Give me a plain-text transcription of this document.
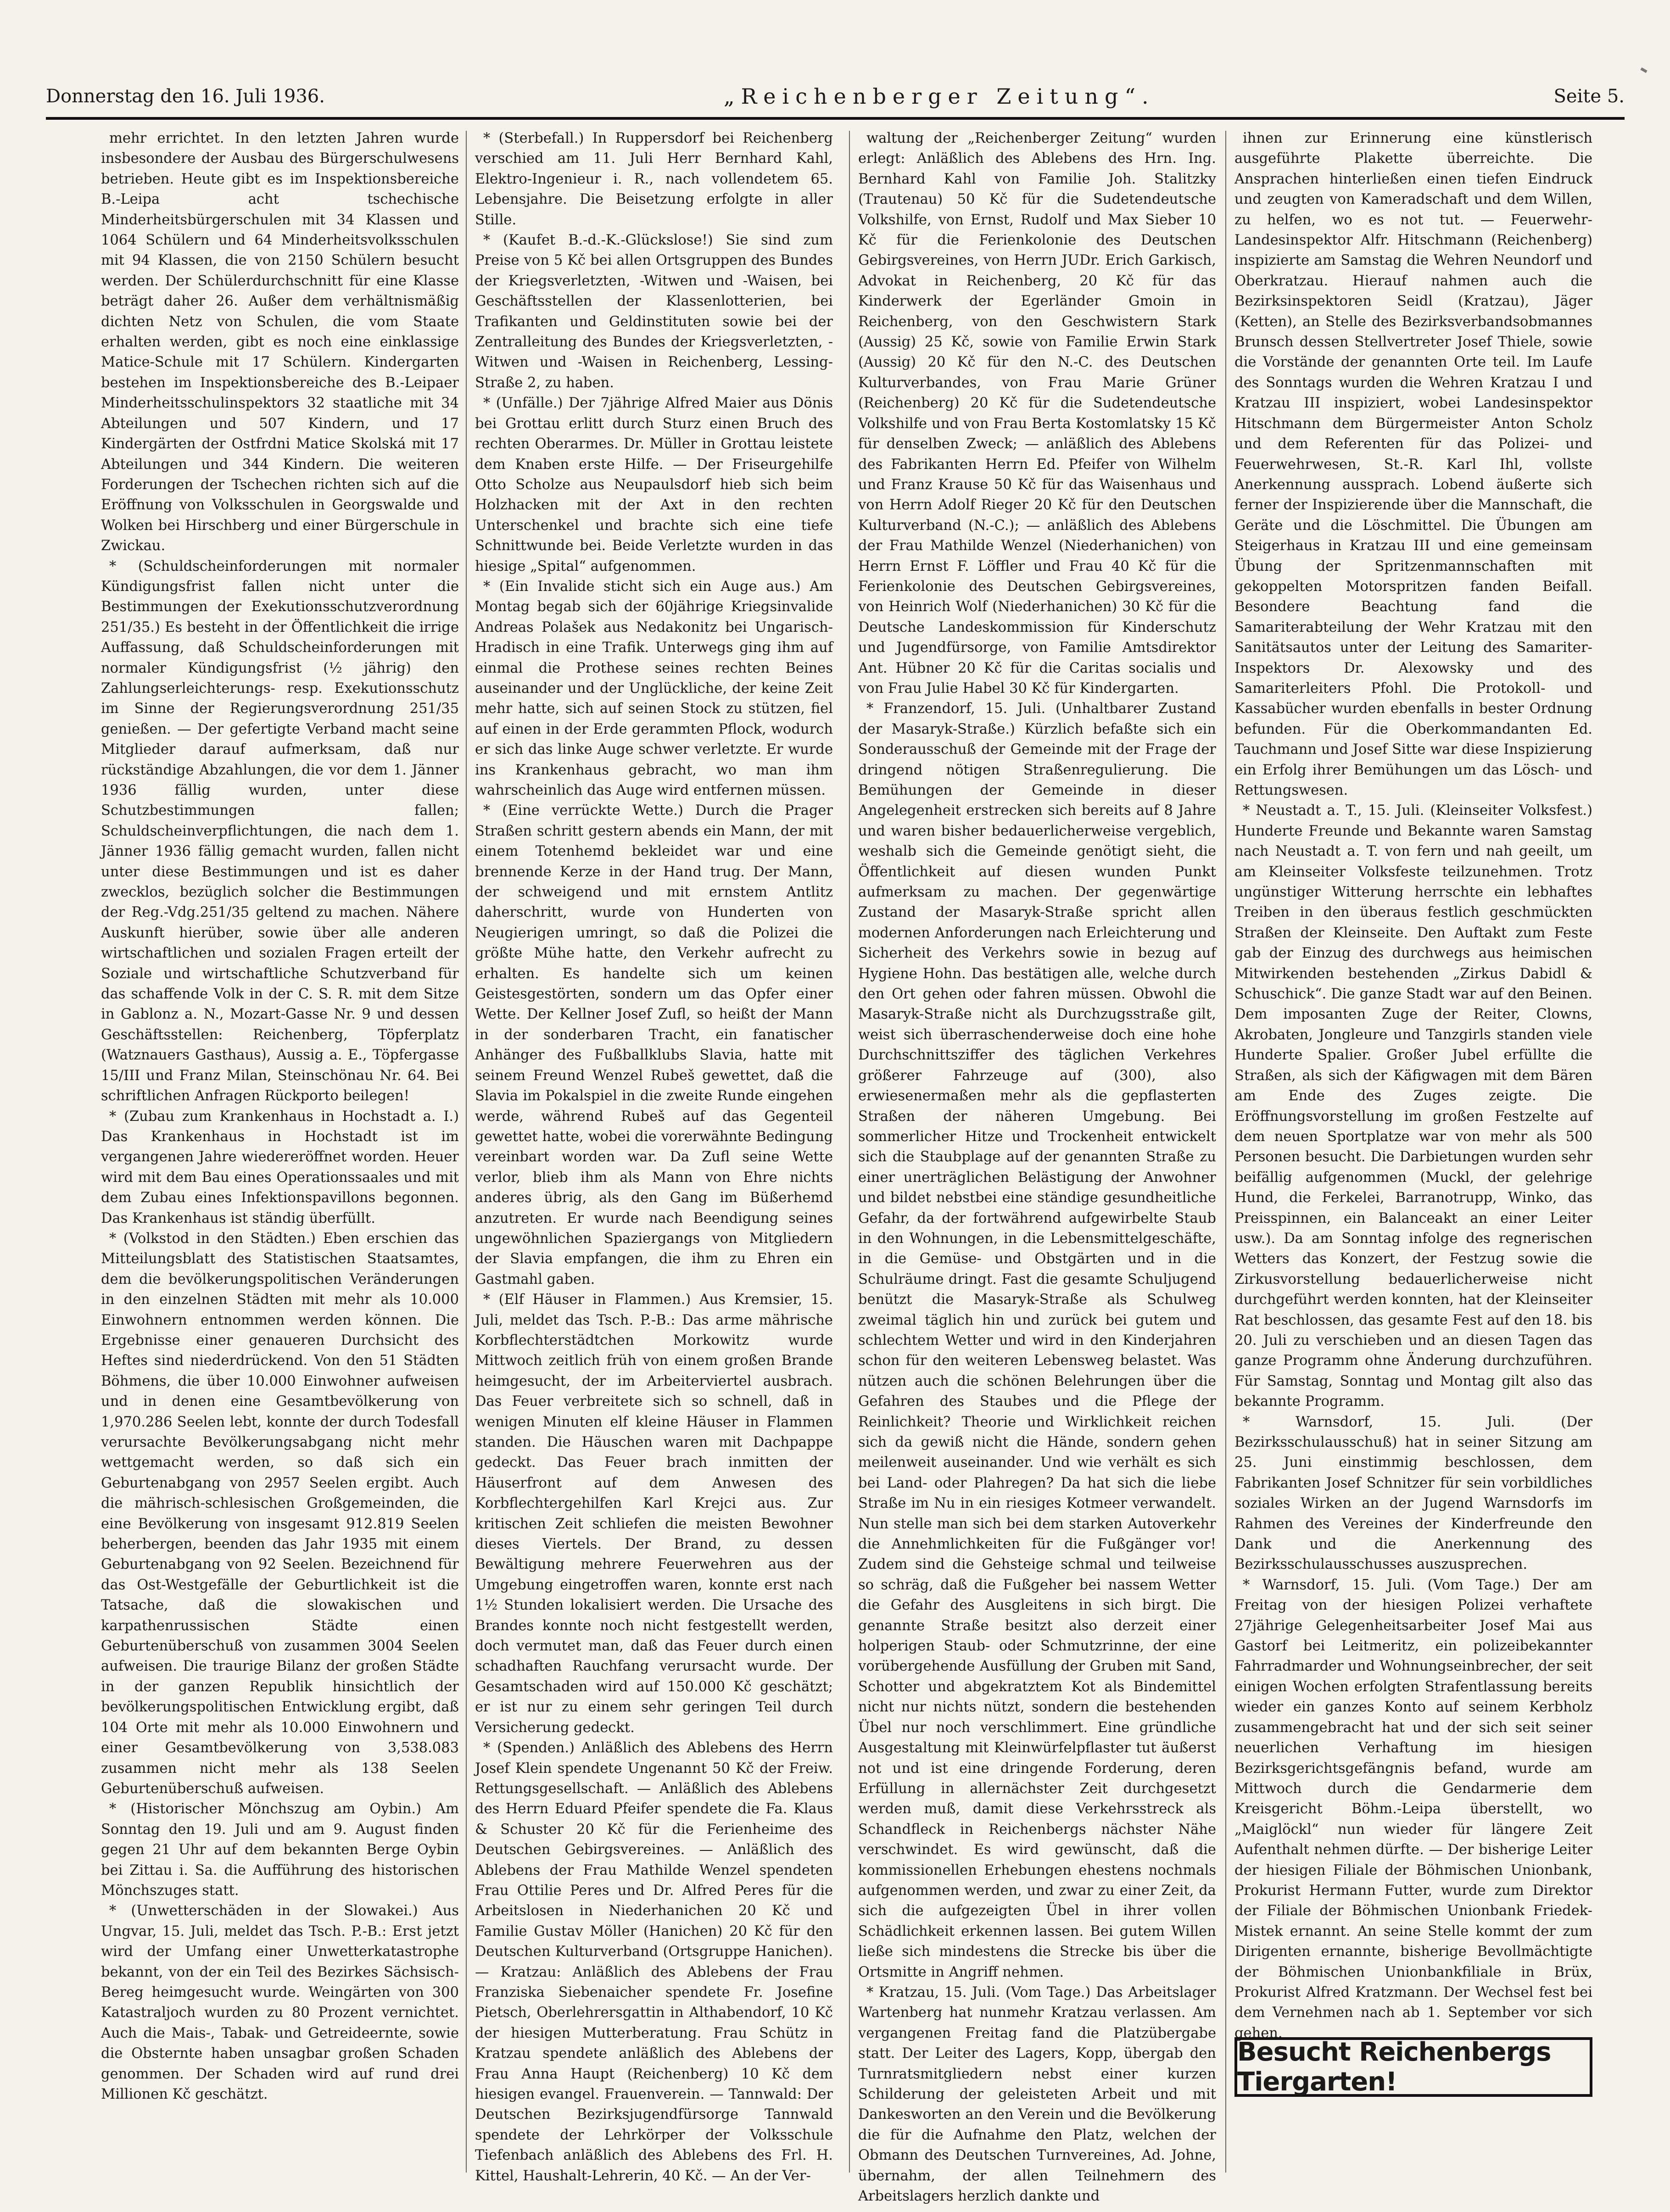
Donnerstag den 16. Juli 1936.	„Reichenberger Zeitung“.	Seite 5.

mehr errichtet. In den letzten Jahren wurde insbesondere der Ausbau des Bürgerschulwesens betrieben. Heute gibt es im Inspektionsbereiche B.-Leipa acht tschechische Minderheitsbürgerschulen mit 34 Klassen und 1064 Schülern und 64 Minderheitsvolksschulen mit 94 Klassen, die von 2150 Schülern besucht werden. Der Schülerdurchschnitt für eine Klasse beträgt daher 26. Außer dem verhältnismäßig dichten Netz von Schulen, die vom Staate erhalten werden, gibt es noch eine einklassige Matice-Schule mit 17 Schülern. Kindergarten bestehen im Inspektionsbereiche des B.-Leipaer Minderheitsschulinspektors 32 staatliche mit 34 Abteilungen und 507 Kindern, und 17 Kindergärten der Ostfrdni Matice Skolská mit 17 Abteilungen und 344 Kindern. Die weiteren Forderungen der Tschechen richten sich auf die Eröffnung von Volksschulen in Georgswalde und Wolken bei Hirschberg und einer Bürgerschule in Zwickau.

* (Schuldscheinforderungen mit normaler Kündigungsfrist fallen nicht unter die Bestimmungen der Exekutionsschutzverordnung 251/35.) Es besteht in der Öffentlichkeit die irrige Auffassung, daß Schuldscheinforderungen mit normaler Kündigungsfrist (½ jährig) den Zahlungserleichterungs- resp. Exekutionsschutz im Sinne der Regierungsverordnung 251/35 genießen. — Der gefertigte Verband macht seine Mitglieder darauf aufmerksam, daß nur rückständige Abzahlungen, die vor dem 1. Jänner 1936 fällig wurden, unter diese Schutzbestimmungen fallen; Schuldscheinverpflichtungen, die nach dem 1. Jänner 1936 fällig gemacht wurden, fallen nicht unter diese Bestimmungen und ist es daher zwecklos, bezüglich solcher die Bestimmungen der Reg.-Vdg.251/35 geltend zu machen. Nähere Auskunft hierüber, sowie über alle anderen wirtschaftlichen und sozialen Fragen erteilt der Soziale und wirtschaftliche Schutzverband für das schaffende Volk in der C. S. R. mit dem Sitze in Gablonz a. N., Mozart-Gasse Nr. 9 und dessen Geschäftsstellen: Reichenberg, Töpferplatz (Watznauers Gasthaus), Aussig a. E., Töpfergasse 15/III und Franz Milan, Steinschönau Nr. 64. Bei schriftlichen Anfragen Rückporto beilegen!

* (Zubau zum Krankenhaus in Hochstadt a. I.) Das Krankenhaus in Hochstadt ist im vergangenen Jahre wiedereröffnet worden. Heuer wird mit dem Bau eines Operationssaales und mit dem Zubau eines Infektionspavillons begonnen. Das Krankenhaus ist ständig überfüllt.

* (Volkstod in den Städten.) Eben erschien das Mitteilungsblatt des Statistischen Staatsamtes, dem die bevölkerungspolitischen Veränderungen in den einzelnen Städten mit mehr als 10.000 Einwohnern entnommen werden können. Die Ergebnisse einer genaueren Durchsicht des Heftes sind niederdrückend. Von den 51 Städten Böhmens, die über 10.000 Einwohner aufweisen und in denen eine Gesamtbevölkerung von 1,970.286 Seelen lebt, konnte der durch Todesfall verursachte Bevölkerungsabgang nicht mehr wettgemacht werden, so daß sich ein Geburtenabgang von 2957 Seelen ergibt. Auch die mährisch-schlesischen Großgemeinden, die eine Bevölkerung von insgesamt 912.819 Seelen beherbergen, beenden das Jahr 1935 mit einem Geburtenabgang von 92 Seelen. Bezeichnend für das Ost-Westgefälle der Geburtlichkeit ist die Tatsache, daß die slowakischen und karpathenrussischen Städte einen Geburtenüberschuß von zusammen 3004 Seelen aufweisen. Die traurige Bilanz der großen Städte in der ganzen Republik hinsichtlich der bevölkerungspolitischen Entwicklung ergibt, daß 104 Orte mit mehr als 10.000 Einwohnern und einer Gesamtbevölkerung von 3,538.083 zusammen nicht mehr als 138 Seelen Geburtenüberschuß aufweisen.

* (Historischer Mönchszug am Oybin.) Am Sonntag den 19. Juli und am 9. August finden gegen 21 Uhr auf dem bekannten Berge Oybin bei Zittau i. Sa. die Aufführung des historischen Mönchszuges statt.

* (Unwetterschäden in der Slowakei.) Aus Ungvar, 15. Juli, meldet das Tsch. P.-B.: Erst jetzt wird der Umfang einer Unwetterkatastrophe bekannt, von der ein Teil des Bezirkes Sächsisch-Bereg heimgesucht wurde. Weingärten von 300 Katastraljoch wurden zu 80 Prozent vernichtet. Auch die Mais-, Tabak- und Getreideernte, sowie die Obsternte haben unsagbar großen Schaden genommen. Der Schaden wird auf rund drei Millionen Kč geschätzt.

* (Sterbefall.) In Ruppersdorf bei Reichenberg verschied am 11. Juli Herr Bernhard Kahl, Elektro-Ingenieur i. R., nach vollendetem 65. Lebensjahre. Die Beisetzung erfolgte in aller Stille.

* (Kaufet B.-d.-K.-Glückslose!) Sie sind zum Preise von 5 Kč bei allen Ortsgruppen des Bundes der Kriegsverletzten, -Witwen und -Waisen, bei Geschäftsstellen der Klassenlotterien, bei Trafikanten und Geldinstituten sowie bei der Zentralleitung des Bundes der Kriegsverletzten, -Witwen und -Waisen in Reichenberg, Lessing-Straße 2, zu haben.

* (Unfälle.) Der 7jährige Alfred Maier aus Dönis bei Grottau erlitt durch Sturz einen Bruch des rechten Oberarmes. Dr. Müller in Grottau leistete dem Knaben erste Hilfe. — Der Friseurgehilfe Otto Scholze aus Neupaulsdorf hieb sich beim Holzhacken mit der Axt in den rechten Unterschenkel und brachte sich eine tiefe Schnittwunde bei. Beide Verletzte wurden in das hiesige „Spital“ aufgenommen.

* (Ein Invalide sticht sich ein Auge aus.) Am Montag begab sich der 60jährige Kriegsinvalide Andreas Polašek aus Nedakonitz bei Ungarisch-Hradisch in eine Trafik. Unterwegs ging ihm auf einmal die Prothese seines rechten Beines auseinander und der Unglückliche, der keine Zeit mehr hatte, sich auf seinen Stock zu stützen, fiel auf einen in der Erde gerammten Pflock, wodurch er sich das linke Auge schwer verletzte. Er wurde ins Krankenhaus gebracht, wo man ihm wahrscheinlich das Auge wird entfernen müssen.

* (Eine verrückte Wette.) Durch die Prager Straßen schritt gestern abends ein Mann, der mit einem Totenhemd bekleidet war und eine brennende Kerze in der Hand trug. Der Mann, der schweigend und mit ernstem Antlitz daherschritt, wurde von Hunderten von Neugierigen umringt, so daß die Polizei die größte Mühe hatte, den Verkehr aufrecht zu erhalten. Es handelte sich um keinen Geistesgestörten, sondern um das Opfer einer Wette. Der Kellner Josef Zufl, so heißt der Mann in der sonderbaren Tracht, ein fanatischer Anhänger des Fußballklubs Slavia, hatte mit seinem Freund Wenzel Rubeš gewettet, daß die Slavia im Pokalspiel in die zweite Runde eingehen werde, während Rubeš auf das Gegenteil gewettet hatte, wobei die vorerwähnte Bedingung vereinbart worden war. Da Zufl seine Wette verlor, blieb ihm als Mann von Ehre nichts anderes übrig, als den Gang im Büßerhemd anzutreten. Er wurde nach Beendigung seines ungewöhnlichen Spaziergangs von Mitgliedern der Slavia empfangen, die ihm zu Ehren ein Gastmahl gaben.

* (Elf Häuser in Flammen.) Aus Kremsier, 15. Juli, meldet das Tsch. P.-B.: Das arme mährische Korbflechterstädtchen Morkowitz wurde Mittwoch zeitlich früh von einem großen Brande heimgesucht, der im Arbeiterviertel ausbrach. Das Feuer verbreitete sich so schnell, daß in wenigen Minuten elf kleine Häuser in Flammen standen. Die Häuschen waren mit Dachpappe gedeckt. Das Feuer brach inmitten der Häuserfront auf dem Anwesen des Korbflechtergehilfen Karl Krejci aus. Zur kritischen Zeit schliefen die meisten Bewohner dieses Viertels. Der Brand, zu dessen Bewältigung mehrere Feuerwehren aus der Umgebung eingetroffen waren, konnte erst nach 1½ Stunden lokalisiert werden. Die Ursache des Brandes konnte noch nicht festgestellt werden, doch vermutet man, daß das Feuer durch einen schadhaften Rauchfang verursacht wurde. Der Gesamtschaden wird auf 150.000 Kč geschätzt; er ist nur zu einem sehr geringen Teil durch Versicherung gedeckt.

* (Spenden.) Anläßlich des Ablebens des Herrn Josef Klein spendete Ungenannt 50 Kč der Freiw. Rettungsgesellschaft. — Anläßlich des Ablebens des Herrn Eduard Pfeifer spendete die Fa. Klaus & Schuster 20 Kč für die Ferienheime des Deutschen Gebirgsvereines. — Anläßlich des Ablebens der Frau Mathilde Wenzel spendeten Frau Ottilie Peres und Dr. Alfred Peres für die Arbeitslosen in Niederhanichen 20 Kč und Familie Gustav Möller (Hanichen) 20 Kč für den Deutschen Kulturverband (Ortsgruppe Hanichen). — Kratzau: Anläßlich des Ablebens der Frau Franziska Siebenaicher spendete Fr. Josefine Pietsch, Oberlehrersgattin in Althabendorf, 10 Kč der hiesigen Mutterberatung. Frau Schütz in Kratzau spendete anläßlich des Ablebens der Frau Anna Haupt (Reichenberg) 10 Kč dem hiesigen evangel. Frauenverein. — Tannwald: Der Deutschen Bezirksjugendfürsorge Tannwald spendete der Lehrkörper der Volksschule Tiefenbach anläßlich des Ablebens des Frl. H. Kittel, Haushalt-Lehrerin, 40 Kč. — An der Ver-

waltung der „Reichenberger Zeitung“ wurden erlegt: Anläßlich des Ablebens des Hrn. Ing. Bernhard Kahl von Familie Joh. Stalitzky (Trautenau) 50 Kč für die Sudetendeutsche Volkshilfe, von Ernst, Rudolf und Max Sieber 10 Kč für die Ferienkolonie des Deutschen Gebirgsvereines, von Herrn JUDr. Erich Garkisch, Advokat in Reichenberg, 20 Kč für das Kinderwerk der Egerländer Gmoin in Reichenberg, von den Geschwistern Stark (Aussig) 25 Kč, sowie von Familie Erwin Stark (Aussig) 20 Kč für den N.-C. des Deutschen Kulturverbandes, von Frau Marie Grüner (Reichenberg) 20 Kč für die Sudetendeutsche Volkshilfe und von Frau Berta Kostomlatsky 15 Kč für denselben Zweck; — anläßlich des Ablebens des Fabrikanten Herrn Ed. Pfeifer von Wilhelm und Franz Krause 50 Kč für das Waisenhaus und von Herrn Adolf Rieger 20 Kč für den Deutschen Kulturverband (N.-C.); — anläßlich des Ablebens der Frau Mathilde Wenzel (Niederhanichen) von Herrn Ernst F. Löffler und Frau 40 Kč für die Ferienkolonie des Deutschen Gebirgsvereines, von Heinrich Wolf (Niederhanichen) 30 Kč für die Deutsche Landeskommission für Kinderschutz und Jugendfürsorge, von Familie Amtsdirektor Ant. Hübner 20 Kč für die Caritas socialis und von Frau Julie Habel 30 Kč für Kindergarten.

* Franzendorf, 15. Juli. (Unhaltbarer Zustand der Masaryk-Straße.) Kürzlich befaßte sich ein Sonderausschuß der Gemeinde mit der Frage der dringend nötigen Straßenregulierung. Die Bemühungen der Gemeinde in dieser Angelegenheit erstrecken sich bereits auf 8 Jahre und waren bisher bedauerlicherweise vergeblich, weshalb sich die Gemeinde genötigt sieht, die Öffentlichkeit auf diesen wunden Punkt aufmerksam zu machen. Der gegenwärtige Zustand der Masaryk-Straße spricht allen modernen Anforderungen nach Erleichterung und Sicherheit des Verkehrs sowie in bezug auf Hygiene Hohn. Das bestätigen alle, welche durch den Ort gehen oder fahren müssen. Obwohl die Masaryk-Straße nicht als Durchzugsstraße gilt, weist sich überraschenderweise doch eine hohe Durchschnittsziffer des täglichen Verkehres größerer Fahrzeuge auf (300), also erwiesenermaßen mehr als die gepflasterten Straßen der näheren Umgebung. Bei sommerlicher Hitze und Trockenheit entwickelt sich die Staubplage auf der genannten Straße zu einer unerträglichen Belästigung der Anwohner und bildet nebstbei eine ständige gesundheitliche Gefahr, da der fortwährend aufgewirbelte Staub in den Wohnungen, in die Lebensmittelgeschäfte, in die Gemüse- und Obstgärten und in die Schulräume dringt. Fast die gesamte Schuljugend benützt die Masaryk-Straße als Schulweg zweimal täglich hin und zurück bei gutem und schlechtem Wetter und wird in den Kinderjahren schon für den weiteren Lebensweg belastet. Was nützen auch die schönen Belehrungen über die Gefahren des Staubes und die Pflege der Reinlichkeit? Theorie und Wirklichkeit reichen sich da gewiß nicht die Hände, sondern gehen meilenweit auseinander. Und wie verhält es sich bei Land- oder Plahregen? Da hat sich die liebe Straße im Nu in ein riesiges Kotmeer verwandelt. Nun stelle man sich bei dem starken Autoverkehr die Annehmlichkeiten für die Fußgänger vor! Zudem sind die Gehsteige schmal und teilweise so schräg, daß die Fußgeher bei nassem Wetter die Gefahr des Ausgleitens in sich birgt. Die genannte Straße besitzt also derzeit einer holperigen Staub- oder Schmutzrinne, der eine vorübergehende Ausfüllung der Gruben mit Sand, Schotter und abgekratztem Kot als Bindemittel nicht nur nichts nützt, sondern die bestehenden Übel nur noch verschlimmert. Eine gründliche Ausgestaltung mit Kleinwürfelpflaster tut äußerst not und ist eine dringende Forderung, deren Erfüllung in allernächster Zeit durchgesetzt werden muß, damit diese Verkehrsstreck als Schandfleck in Reichenbergs nächster Nähe verschwindet. Es wird gewünscht, daß die kommissionellen Erhebungen ehestens nochmals aufgenommen werden, und zwar zu einer Zeit, da sich die aufgezeigten Übel in ihrer vollen Schädlichkeit erkennen lassen. Bei gutem Willen ließe sich mindestens die Strecke bis über die Ortsmitte in Angriff nehmen.

* Kratzau, 15. Juli. (Vom Tage.) Das Arbeitslager Wartenberg hat nunmehr Kratzau verlassen. Am vergangenen Freitag fand die Platzübergabe statt. Der Leiter des Lagers, Kopp, übergab den Turnratsmitgliedern nebst einer kurzen Schilderung der geleisteten Arbeit und mit Dankesworten an den Verein und die Bevölkerung die für die Aufnahme den Platz, welchen der Obmann des Deutschen Turnvereines, Ad. Johne, übernahm, der allen Teilnehmern des Arbeitslagers herzlich dankte und

ihnen zur Erinnerung eine künstlerisch ausgeführte Plakette überreichte. Die Ansprachen hinterließen einen tiefen Eindruck und zeugten von Kameradschaft und dem Willen, zu helfen, wo es not tut. — Feuerwehr-Landesinspektor Alfr. Hitschmann (Reichenberg) inspizierte am Samstag die Wehren Neundorf und Oberkratzau. Hierauf nahmen auch die Bezirksinspektoren Seidl (Kratzau), Jäger (Ketten), an Stelle des Bezirksverbandsobmannes Brunsch dessen Stellvertreter Josef Thiele, sowie die Vorstände der genannten Orte teil. Im Laufe des Sonntags wurden die Wehren Kratzau I und Kratzau III inspiziert, wobei Landesinspektor Hitschmann dem Bürgermeister Anton Scholz und dem Referenten für das Polizei- und Feuerwehrwesen, St.-R. Karl Ihl, vollste Anerkennung aussprach. Lobend äußerte sich ferner der Inspizierende über die Mannschaft, die Geräte und die Löschmittel. Die Übungen am Steigerhaus in Kratzau III und eine gemeinsam Übung der Spritzenmannschaften mit gekoppelten Motorspritzen fanden Beifall. Besondere Beachtung fand die Samariterabteilung der Wehr Kratzau mit den Sanitätsautos unter der Leitung des Samariter-Inspektors Dr. Alexowsky und des Samariterleiters Pfohl. Die Protokoll- und Kassabücher wurden ebenfalls in bester Ordnung befunden. Für die Oberkommandanten Ed. Tauchmann und Josef Sitte war diese Inspizierung ein Erfolg ihrer Bemühungen um das Lösch- und Rettungswesen.

* Neustadt a. T., 15. Juli. (Kleinseiter Volksfest.) Hunderte Freunde und Bekannte waren Samstag nach Neustadt a. T. von fern und nah geeilt, um am Kleinseiter Volksfeste teilzunehmen. Trotz ungünstiger Witterung herrschte ein lebhaftes Treiben in den überaus festlich geschmückten Straßen der Kleinseite. Den Auftakt zum Feste gab der Einzug des durchwegs aus heimischen Mitwirkenden bestehenden „Zirkus Dabidl & Schuschick“. Die ganze Stadt war auf den Beinen. Dem imposanten Zuge der Reiter, Clowns, Akrobaten, Jongleure und Tanzgirls standen viele Hunderte Spalier. Großer Jubel erfüllte die Straßen, als sich der Käfigwagen mit dem Bären am Ende des Zuges zeigte. Die Eröffnungsvorstellung im großen Festzelte auf dem neuen Sportplatze war von mehr als 500 Personen besucht. Die Darbietungen wurden sehr beifällig aufgenommen (Muckl, der gelehrige Hund, die Ferkelei, Barranotrupp, Winko, das Preisspinnen, ein Balanceakt an einer Leiter usw.). Da am Sonntag infolge des regnerischen Wetters das Konzert, der Festzug sowie die Zirkusvorstellung bedauerlicherweise nicht durchgeführt werden konnten, hat der Kleinseiter Rat beschlossen, das gesamte Fest auf den 18. bis 20. Juli zu verschieben und an diesen Tagen das ganze Programm ohne Änderung durchzuführen. Für Samstag, Sonntag und Montag gilt also das bekannte Programm.

* Warnsdorf, 15. Juli. (Der Bezirksschulausschuß) hat in seiner Sitzung am 25. Juni einstimmig beschlossen, dem Fabrikanten Josef Schnitzer für sein vorbildliches soziales Wirken an der Jugend Warnsdorfs im Rahmen des Vereines der Kinderfreunde den Dank und die Anerkennung des Bezirksschulausschusses auszusprechen.

* Warnsdorf, 15. Juli. (Vom Tage.) Der am Freitag von der hiesigen Polizei verhaftete 27jährige Gelegenheitsarbeiter Josef Mai aus Gastorf bei Leitmeritz, ein polizeibekannter Fahrradmarder und Wohnungseinbrecher, der seit einigen Wochen erfolgten Strafentlassung bereits wieder ein ganzes Konto auf seinem Kerbholz zusammengebracht hat und der sich seit seiner neuerlichen Verhaftung im hiesigen Bezirksgerichtsgefängnis befand, wurde am Mittwoch durch die Gendarmerie dem Kreisgericht Böhm.-Leipa überstellt, wo „Maiglöckl“ nun wieder für längere Zeit Aufenthalt nehmen dürfte. — Der bisherige Leiter der hiesigen Filiale der Böhmischen Unionbank, Prokurist Hermann Futter, wurde zum Direktor der Filiale der Böhmischen Unionbank Friedek-Mistek ernannt. An seine Stelle kommt der zum Dirigenten ernannte, bisherige Bevollmächtigte der Böhmischen Unionbankfiliale in Brüx, Prokurist Alfred Kratzmann. Der Wechsel fest bei dem Vernehmen nach ab 1. September vor sich gehen.

Besucht Reichenbergs Tiergarten!
